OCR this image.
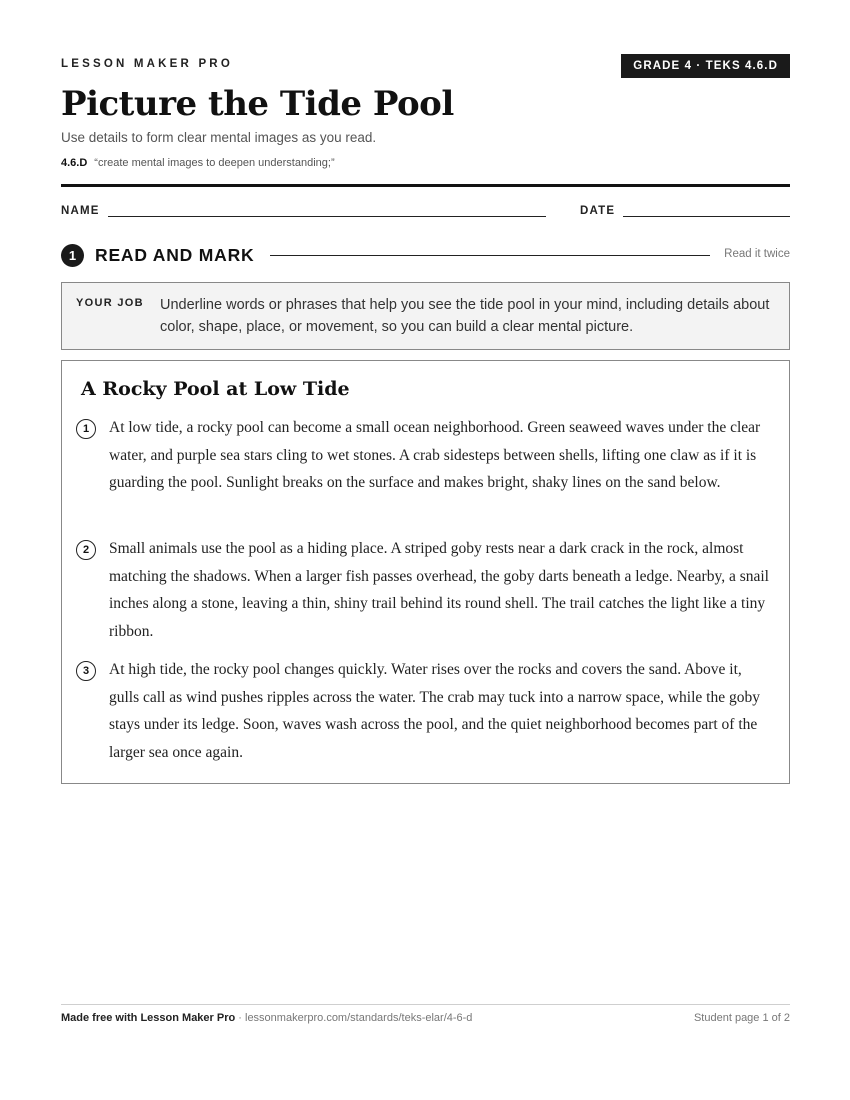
LESSON MAKER PRO	GRADE 4 · TEKS 4.6.D
Picture the Tide Pool
Use details to form clear mental images as you read.
4.6.D “create mental images to deepen understanding;”
NAME	DATE
1	READ AND MARK	Read it twice
YOUR JOB Underline words or phrases that help you see the tide pool in your mind, including details about color, shape, place, or movement, so you can build a clear mental picture.
A Rocky Pool at Low Tide
1	At low tide, a rocky pool can become a small ocean neighborhood. Green seaweed waves under the clear water, and purple sea stars cling to wet stones. A crab sidesteps between shells, lifting one claw as if it is guarding the pool. Sunlight breaks on the surface and makes bright, shaky lines on the sand below.

2	Small animals use the pool as a hiding place. A striped goby rests near a dark crack in the rock, almost matching the shadows. When a larger fish passes overhead, the goby darts beneath a ledge. Nearby, a snail inches along a stone, leaving a thin, shiny trail behind its round shell. The trail catches the light like a tiny ribbon.

3	At high tide, the rocky pool changes quickly. Water rises over the rocks and covers the sand. Above it, gulls call as wind pushes ripples across the water. The crab may tuck into a narrow space, while the goby stays under its ledge. Soon, waves wash across the pool, and the quiet neighborhood becomes part of the larger sea once again.

Made free with Lesson Maker Pro · lessonmakerpro.com/standards/teks-elar/4-6-d	Student page 1 of 2
